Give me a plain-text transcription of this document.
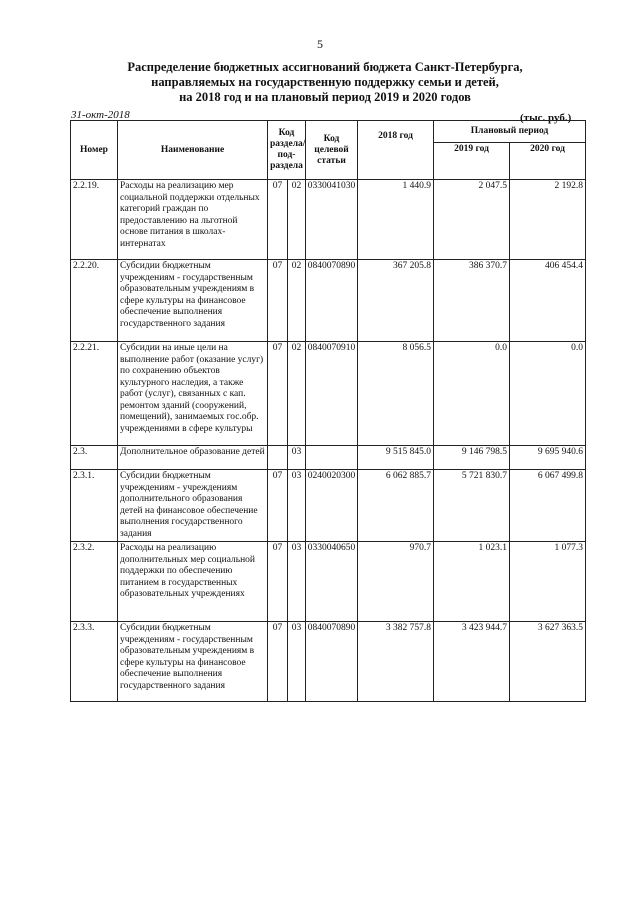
5
Распределение бюджетных ассигнований бюджета Санкт-Петербурга,
направляемых на государственную поддержку семьи и детей,
на 2018 год и на плановый период 2019 и 2020 годов
31-окт-2018	(тыс. руб.)
Номер	Наименование	Код раздела/ под-раздела		Код целевой статьи	2018 год	Плановый период	
						2019 год	2020 год
2.2.19.	Расходы на реализацию мер социальной поддержки отдельных категорий граждан по предоставлению на льготной основе питания в школах-интернатах	07	02	0330041030	1 440.9	2 047.5	2 192.8
2.2.20.	Субсидии бюджетным учреждениям - государственным образовательным учреждениям в сфере культуры на финансовое обеспечение выполнения государственного задания	07	02	0840070890	367 205.8	386 370.7	406 454.4
2.2.21.	Субсидии на иные цели на выполнение работ (оказание услуг) по сохранению объектов культурного наследия, а также работ (услуг), связанных с кап. ремонтом зданий (сооружений, помещений), занимаемых гос.обр. учреждениями в сфере культуры	07	02	0840070910	8 056.5	0.0	0.0
2.3.	Дополнительное образование детей		03		9 515 845.0	9 146 798.5	9 695 940.6
2.3.1.	Субсидии бюджетным учреждениям - учреждениям дополнительного образования детей на финансовое обеспечение выполнения государственного задания	07	03	0240020300	6 062 885.7	5 721 830.7	6 067 499.8
2.3.2.	Расходы на реализацию дополнительных мер социальной поддержки по обеспечению питанием в государственных образовательных учреждениях	07	03	0330040650	970.7	1 023.1	1 077.3
2.3.3.	Субсидии бюджетным учреждениям - государственным образовательным учреждениям в сфере культуры на финансовое обеспечение выполнения государственного задания	07	03	0840070890	3 382 757.8	3 423 944.7	3 627 363.5
